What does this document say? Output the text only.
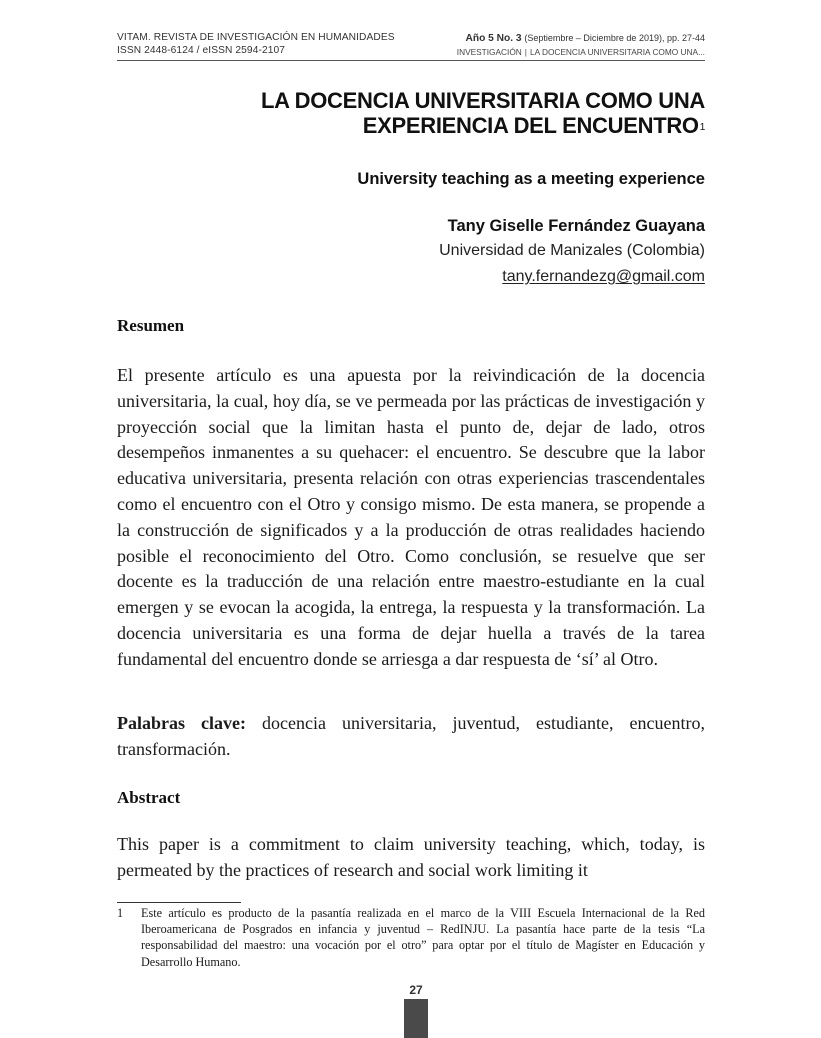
VITAM. REVISTA DE INVESTIGACIÓN EN HUMANIDADES
ISSN 2448-6124 / eISSN 2594-2107
Año 5 No. 3 (Septiembre – Diciembre de 2019), pp. 27-44
INVESTIGACIÓN | LA DOCENCIA UNIVERSITARIA COMO UNA...
LA DOCENCIA UNIVERSITARIA COMO UNA
EXPERIENCIA DEL ENCUENTRO$^1$
University teaching as a meeting experience
Tany Giselle Fernández Guayana
Universidad de Manizales (Colombia)
tany.fernandezg@gmail.com
Resumen
El presente artículo es una apuesta por la reivindicación de la docencia universitaria, la cual, hoy día, se ve permeada por las prácticas de investigación y proyección social que la limitan hasta el punto de, dejar de lado, otros desempeños inmanentes a su quehacer: el encuentro. Se descubre que la labor educativa universitaria, presenta relación con otras experiencias trascendentales como el encuentro con el Otro y consigo mismo. De esta manera, se propende a la construcción de significados y a la producción de otras realidades haciendo posible el reconocimiento del Otro. Como conclusión, se resuelve que ser docente es la traducción de una relación entre maestro-estudiante en la cual emergen y se evocan la acogida, la entrega, la respuesta y la transformación. La docencia universitaria es una forma de dejar huella a través de la tarea fundamental del encuentro donde se arriesga a dar respuesta de ‘sí’ al Otro.
Palabras clave: docencia universitaria, juventud, estudiante, encuentro, transformación.
Abstract
This paper is a commitment to claim university teaching, which, today, is permeated by the practices of research and social work limiting it
1	Este artículo es producto de la pasantía realizada en el marco de la VIII Escuela Internacional de la Red Iberoamericana de Posgrados en infancia y juventud – RedINJU. La pasantía hace parte de la tesis “La responsabilidad del maestro: una vocación por el otro” para optar por el título de Magíster en Educación y Desarrollo Humano.
27
